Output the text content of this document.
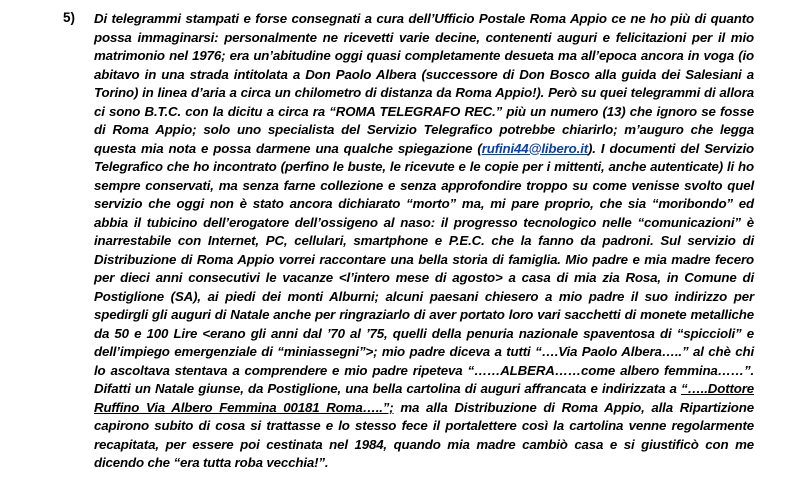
5) Di telegrammi stampati e forse consegnati a cura dell’Ufficio Postale Roma Appio ce ne ho più di quanto possa immaginarsi: personalmente ne ricevetti varie decine, contenenti auguri e felicitazioni per il mio matrimonio nel 1976; era un’abitudine oggi quasi completamente desueta ma all’epoca ancora in voga (io abitavo in una strada intitolata a Don Paolo Albera (successore di Don Bosco alla guida dei Salesiani a Torino) in linea d’aria a circa un chilometro di distanza da Roma Appio!). Però su quei telegrammi di allora ci sono B.T.C. con la dicitu a circa ra “ROMA TELEGRAFO REC.” più un numero (13) che ignoro se fosse di Roma Appio; solo uno specialista del Servizio Telegrafico potrebbe chiarirlo; m’auguro che legga questa mia nota e possa darmene una qualche spiegazione (rufini44@libero.it). I documenti del Servizio Telegrafico che ho incontrato (perfino le buste, le ricevute e le copie per i mittenti, anche autenticate) li ho sempre conservati, ma senza farne collezione e senza approfondire troppo su come venisse svolto quel servizio che oggi non è stato ancora dichiarato “morto” ma, mi pare proprio, che sia “moribondo” ed abbia il tubicino dell’erogatore dell’ossigeno al naso: il progresso tecnologico nelle “comunicazioni” è inarrestabile con Internet, PC, cellulari, smartphone e P.E.C. che la fanno da padroni. Sul servizio di Distribuzione di Roma Appio vorrei raccontare una bella storia di famiglia. Mio padre e mia madre fecero per dieci anni consecutivi le vacanze <l’intero mese di agosto> a casa di mia zia Rosa, in Comune di Postiglione (SA), ai piedi dei monti Alburni; alcuni paesani chiesero a mio padre il suo indirizzo per spedirgli gli auguri di Natale anche per ringraziarlo di aver portato loro vari sacchetti di monete metalliche da 50 e 100 Lire <erano gli anni dal ’70 al ’75, quelli della penuria nazionale spaventosa di “spiccioli” e dell’impiego emergenziale di “miniassegni”>; mio padre diceva a tutti “….Via Paolo Albera…..” al chè chi lo ascoltava stentava a comprendere e mio padre ripeteva “……ALBERA……come albero femmina……”. Difatti un Natale giunse, da Postiglione, una bella cartolina di auguri affrancata e indirizzata a “…..Dottore Ruffino Via Albero Femmina 00181 Roma…..”; ma alla Distribuzione di Roma Appio, alla Ripartizione capirono subito di cosa si trattasse e lo stesso fece il portalettere così la cartolina venne regolarmente recapitata, per essere poi cestinata nel 1984, quando mia madre cambiò casa e si giustificò con me dicendo che “era tutta roba vecchia!”.
